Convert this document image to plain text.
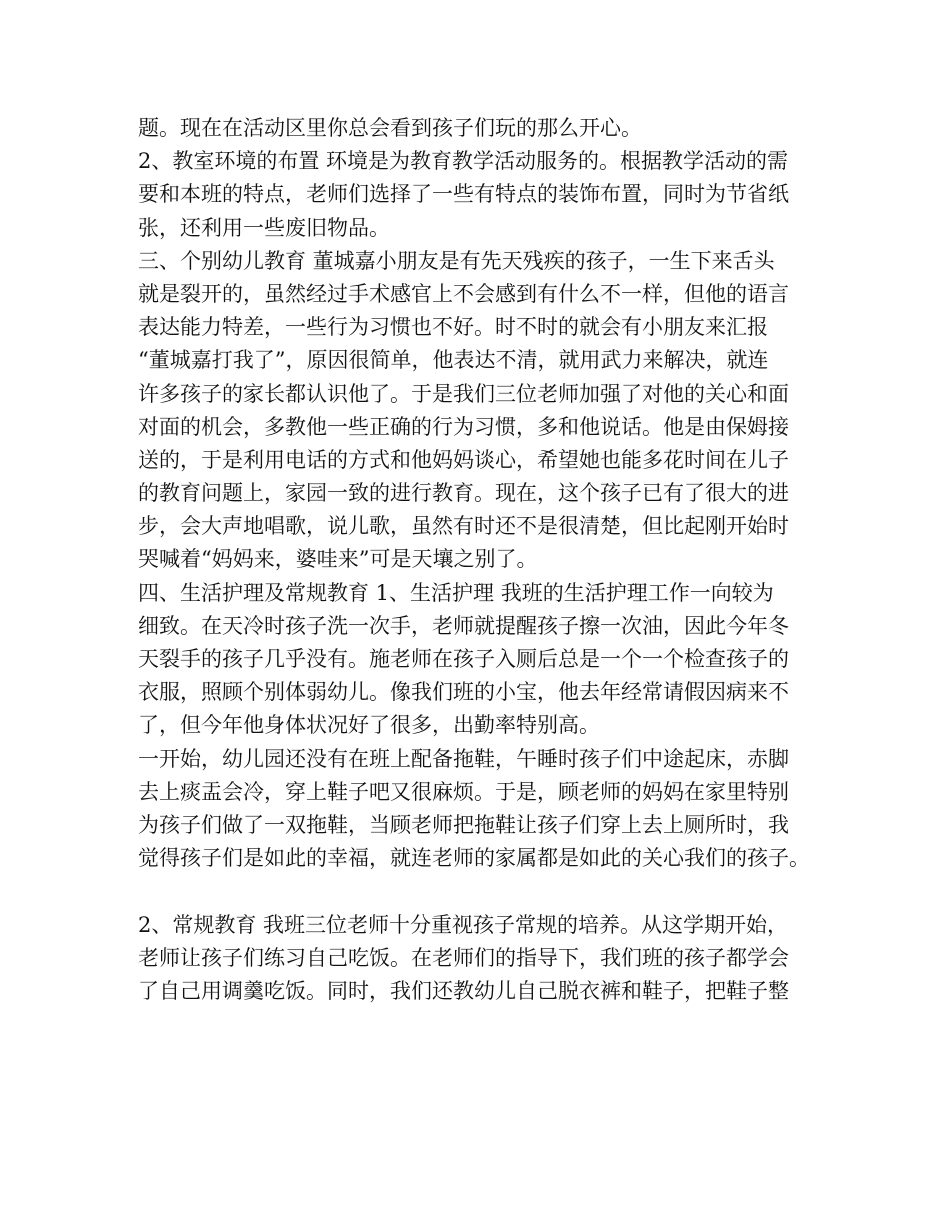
题。现在在活动区里你总会看到孩子们玩的那么开心。
2、教室环境的布置 环境是为教育教学活动服务的。根据教学活动的需
要和本班的特点，老师们选择了一些有特点的装饰布置，同时为节省纸
张，还利用一些废旧物品。
三、个别幼儿教育 董城嘉小朋友是有先天残疾的孩子，一生下来舌头
就是裂开的，虽然经过手术感官上不会感到有什么不一样，但他的语言
表达能力特差，一些行为习惯也不好。时不时的就会有小朋友来汇报
“董城嘉打我了”，原因很简单，他表达不清，就用武力来解决，就连
许多孩子的家长都认识他了。于是我们三位老师加强了对他的关心和面
对面的机会，多教他一些正确的行为习惯，多和他说话。他是由保姆接
送的，于是利用电话的方式和他妈妈谈心，希望她也能多花时间在儿子
的教育问题上，家园一致的进行教育。现在，这个孩子已有了很大的进
步，会大声地唱歌，说儿歌，虽然有时还不是很清楚，但比起刚开始时
哭喊着“妈妈来，婆哇来”可是天壤之别了。
四、生活护理及常规教育 1、生活护理 我班的生活护理工作一向较为
细致。在天冷时孩子洗一次手，老师就提醒孩子擦一次油，因此今年冬
天裂手的孩子几乎没有。施老师在孩子入厕后总是一个一个检查孩子的
衣服，照顾个别体弱幼儿。像我们班的小宝，他去年经常请假因病来不
了，但今年他身体状况好了很多，出勤率特别高。
一开始，幼儿园还没有在班上配备拖鞋，午睡时孩子们中途起床，赤脚
去上痰盂会冷，穿上鞋子吧又很麻烦。于是，顾老师的妈妈在家里特别
为孩子们做了一双拖鞋，当顾老师把拖鞋让孩子们穿上去上厕所时，我
觉得孩子们是如此的幸福，就连老师的家属都是如此的关心我们的孩子。
2、常规教育 我班三位老师十分重视孩子常规的培养。从这学期开始，
老师让孩子们练习自己吃饭。在老师们的指导下，我们班的孩子都学会
了自己用调羹吃饭。同时，我们还教幼儿自己脱衣裤和鞋子，把鞋子整
